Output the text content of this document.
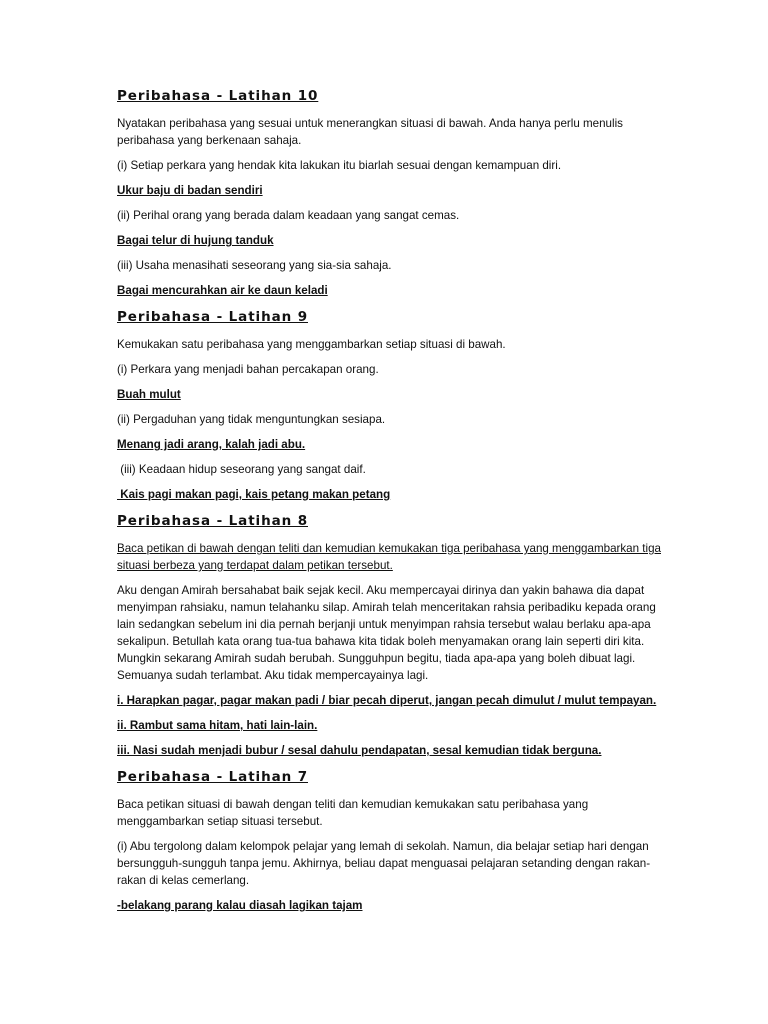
Peribahasa - Latihan 10

Nyatakan peribahasa yang sesuai untuk menerangkan situasi di bawah. Anda hanya perlu menulis peribahasa yang berkenaan sahaja.

(i) Setiap perkara yang hendak kita lakukan itu biarlah sesuai dengan kemampuan diri.

Ukur baju di badan sendiri

(ii) Perihal orang yang berada dalam keadaan yang sangat cemas.

Bagai telur di hujung tanduk

(iii) Usaha menasihati seseorang yang sia-sia sahaja.

Bagai mencurahkan air ke daun keladi

Peribahasa - Latihan 9

Kemukakan satu peribahasa yang menggambarkan setiap situasi di bawah.

(i) Perkara yang menjadi bahan percakapan orang.

Buah mulut

(ii) Pergaduhan yang tidak menguntungkan sesiapa.

Menang jadi arang, kalah jadi abu.

(iii) Keadaan hidup seseorang yang sangat daif.

Kais pagi makan pagi, kais petang makan petang

Peribahasa - Latihan 8

Baca petikan di bawah dengan teliti dan kemudian kemukakan tiga peribahasa yang menggambarkan tiga situasi berbeza yang terdapat dalam petikan tersebut.

Aku dengan Amirah bersahabat baik sejak kecil. Aku mempercayai dirinya dan yakin bahawa dia dapat menyimpan rahsiaku, namun telahanku silap. Amirah telah menceritakan rahsia peribadiku kepada orang lain sedangkan sebelum ini dia pernah berjanji untuk menyimpan rahsia tersebut walau berlaku apa-apa sekalipun. Betullah kata orang tua-tua bahawa kita tidak boleh menyamakan orang lain seperti diri kita. Mungkin sekarang Amirah sudah berubah. Sungguhpun begitu, tiada apa-apa yang boleh dibuat lagi. Semuanya sudah terlambat. Aku tidak mempercayainya lagi.

i. Harapkan pagar, pagar makan padi / biar pecah diperut, jangan pecah dimulut / mulut tempayan.

ii. Rambut sama hitam, hati lain-lain.

iii. Nasi sudah menjadi bubur / sesal dahulu pendapatan, sesal kemudian tidak berguna.

Peribahasa - Latihan 7

Baca petikan situasi di bawah dengan teliti dan kemudian kemukakan satu peribahasa yang menggambarkan setiap situasi tersebut.

(i) Abu tergolong dalam kelompok pelajar yang lemah di sekolah. Namun, dia belajar setiap hari dengan bersungguh-sungguh tanpa jemu. Akhirnya, beliau dapat menguasai pelajaran setanding dengan rakan-rakan di kelas cemerlang.

-belakang parang kalau diasah lagikan tajam
